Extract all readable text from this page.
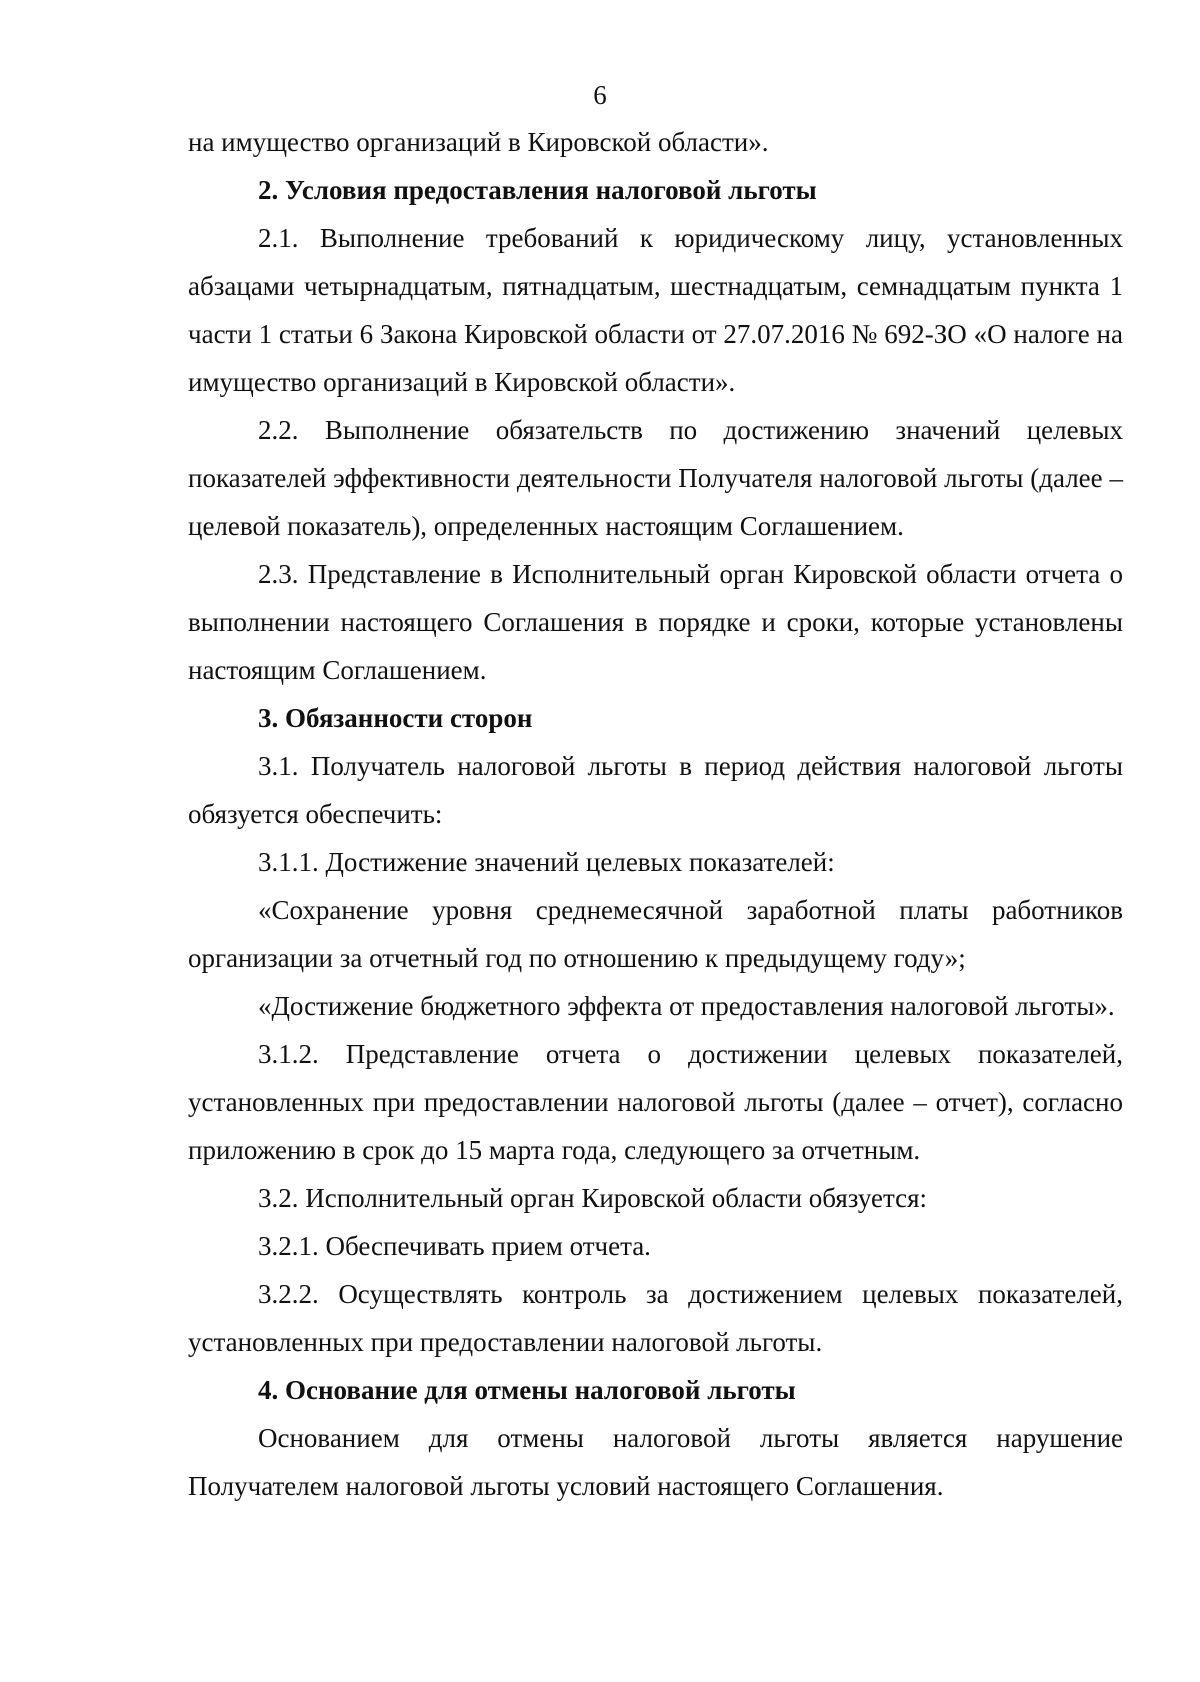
6

на имущество организаций в Кировской области».

2. Условия предоставления налоговой льготы

2.1. Выполнение требований к юридическому лицу, установленных абзацами четырнадцатым, пятнадцатым, шестнадцатым, семнадцатым пункта 1 части 1 статьи 6 Закона Кировской области от 27.07.2016 № 692-ЗО «О налоге на имущество организаций в Кировской области».

2.2. Выполнение обязательств по достижению значений целевых показателей эффективности деятельности Получателя налоговой льготы (далее – целевой показатель), определенных настоящим Соглашением.

2.3. Представление в Исполнительный орган Кировской области отчета о выполнении настоящего Соглашения в порядке и сроки, которые установлены настоящим Соглашением.

3. Обязанности сторон

3.1. Получатель налоговой льготы в период действия налоговой льготы обязуется обеспечить:

3.1.1. Достижение значений целевых показателей:

«Сохранение уровня среднемесячной заработной платы работников организации за отчетный год по отношению к предыдущему году»;

«Достижение бюджетного эффекта от предоставления налоговой льготы».

3.1.2. Представление отчета о достижении целевых показателей, установленных при предоставлении налоговой льготы (далее – отчет), согласно приложению в срок до 15 марта года, следующего за отчетным.

3.2. Исполнительный орган Кировской области обязуется:

3.2.1. Обеспечивать прием отчета.

3.2.2. Осуществлять контроль за достижением целевых показателей, установленных при предоставлении налоговой льготы.

4. Основание для отмены налоговой льготы

Основанием для отмены налоговой льготы является нарушение Получателем налоговой льготы условий настоящего Соглашения.
